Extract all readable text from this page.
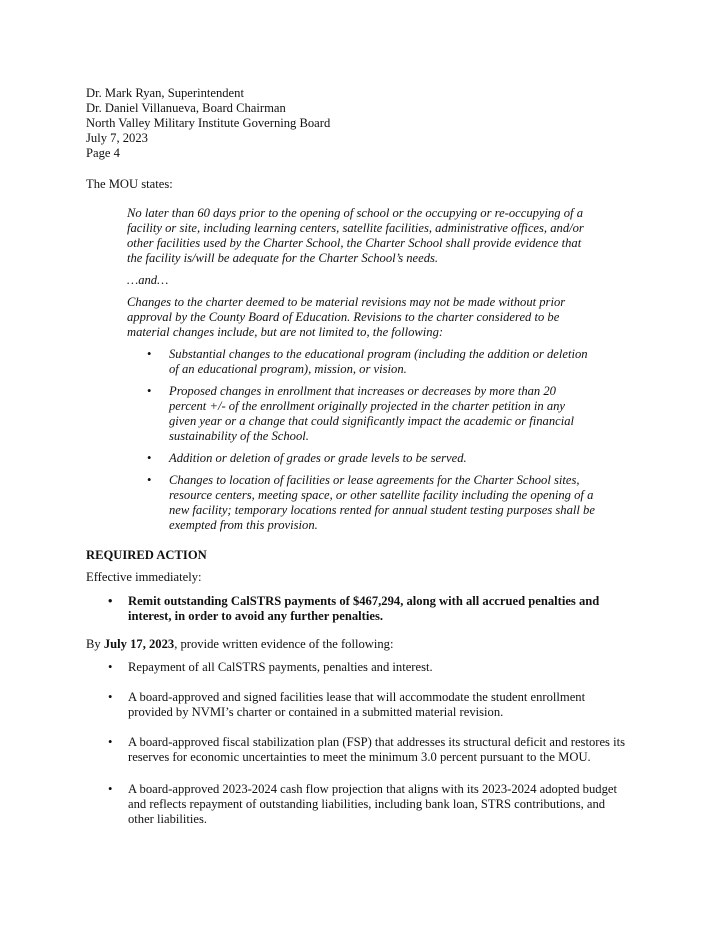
Dr. Mark Ryan, Superintendent
Dr. Daniel Villanueva, Board Chairman
North Valley Military Institute Governing Board
July 7, 2023
Page 4
The MOU states:
No later than 60 days prior to the opening of school or the occupying or re-occupying of a facility or site, including learning centers, satellite facilities, administrative offices, and/or other facilities used by the Charter School, the Charter School shall provide evidence that the facility is/will be adequate for the Charter School’s needs.
…and…
Changes to the charter deemed to be material revisions may not be made without prior approval by the County Board of Education. Revisions to the charter considered to be material changes include, but are not limited to, the following:
• Substantial changes to the educational program (including the addition or deletion of an educational program), mission, or vision.
• Proposed changes in enrollment that increases or decreases by more than 20 percent +/- of the enrollment originally projected in the charter petition in any given year or a change that could significantly impact the academic or financial sustainability of the School.
• Addition or deletion of grades or grade levels to be served.
• Changes to location of facilities or lease agreements for the Charter School sites, resource centers, meeting space, or other satellite facility including the opening of a new facility; temporary locations rented for annual student testing purposes shall be exempted from this provision.
REQUIRED ACTION
Effective immediately:
• Remit outstanding CalSTRS payments of $467,294, along with all accrued penalties and interest, in order to avoid any further penalties.
By July 17, 2023, provide written evidence of the following:
• Repayment of all CalSTRS payments, penalties and interest.
• A board-approved and signed facilities lease that will accommodate the student enrollment provided by NVMI’s charter or contained in a submitted material revision.
• A board-approved fiscal stabilization plan (FSP) that addresses its structural deficit and restores its reserves for economic uncertainties to meet the minimum 3.0 percent pursuant to the MOU.
• A board-approved 2023-2024 cash flow projection that aligns with its 2023-2024 adopted budget and reflects repayment of outstanding liabilities, including bank loan, STRS contributions, and other liabilities.
